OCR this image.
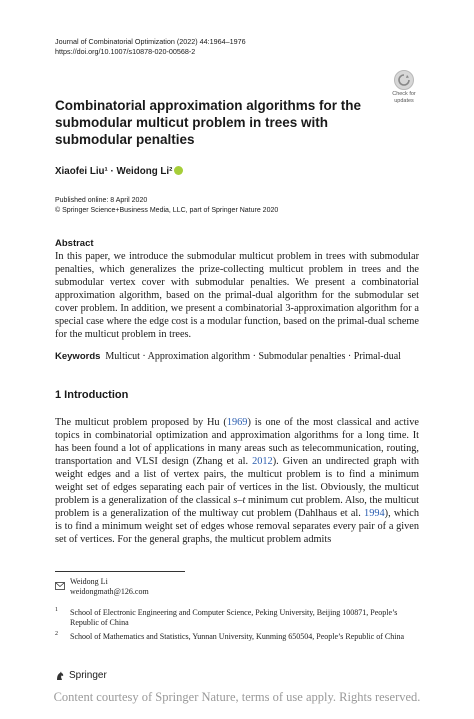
Journal of Combinatorial Optimization (2022) 44:1964–1976
https://doi.org/10.1007/s10878-020-00568-2
Check for
updates
Combinatorial approximation algorithms for the submodular multicut problem in trees with submodular penalties
Xiaofei Liu¹ · Weidong Li²
Published online: 8 April 2020
© Springer Science+Business Media, LLC, part of Springer Nature 2020
Abstract
In this paper, we introduce the submodular multicut problem in trees with submodular penalties, which generalizes the prize-collecting multicut problem in trees and the submodular vertex cover with submodular penalties. We present a combinatorial approximation algorithm, based on the primal-dual algorithm for the submodular set cover problem. In addition, we present a combinatorial 3-approximation algorithm for a special case where the edge cost is a modular function, based on the primal-dual scheme for the multicut problem in trees.
Keywords Multicut · Approximation algorithm · Submodular penalties · Primal-dual
1 Introduction
The multicut problem proposed by Hu (1969) is one of the most classical and active topics in combinatorial optimization and approximation algorithms for a long time. It has been found a lot of applications in many areas such as telecommunication, routing, transportation and VLSI design (Zhang et al. 2012). Given an undirected graph with weight edges and a list of vertex pairs, the multicut problem is to find a minimum weight set of edges separating each pair of vertices in the list. Obviously, the multicut problem is a generalization of the classical s–t minimum cut problem. Also, the multicut problem is a generalization of the multiway cut problem (Dahlhaus et al. 1994), which is to find a minimum weight set of edges whose removal separates every pair of a given set of vertices. For the general graphs, the multicut problem admits
Weidong Li
weidongmath@126.com
1 School of Electronic Engineering and Computer Science, Peking University, Beijing 100871, People’s Republic of China
2 School of Mathematics and Statistics, Yunnan University, Kunming 650504, People’s Republic of China
Springer
Content courtesy of Springer Nature, terms of use apply. Rights reserved.
